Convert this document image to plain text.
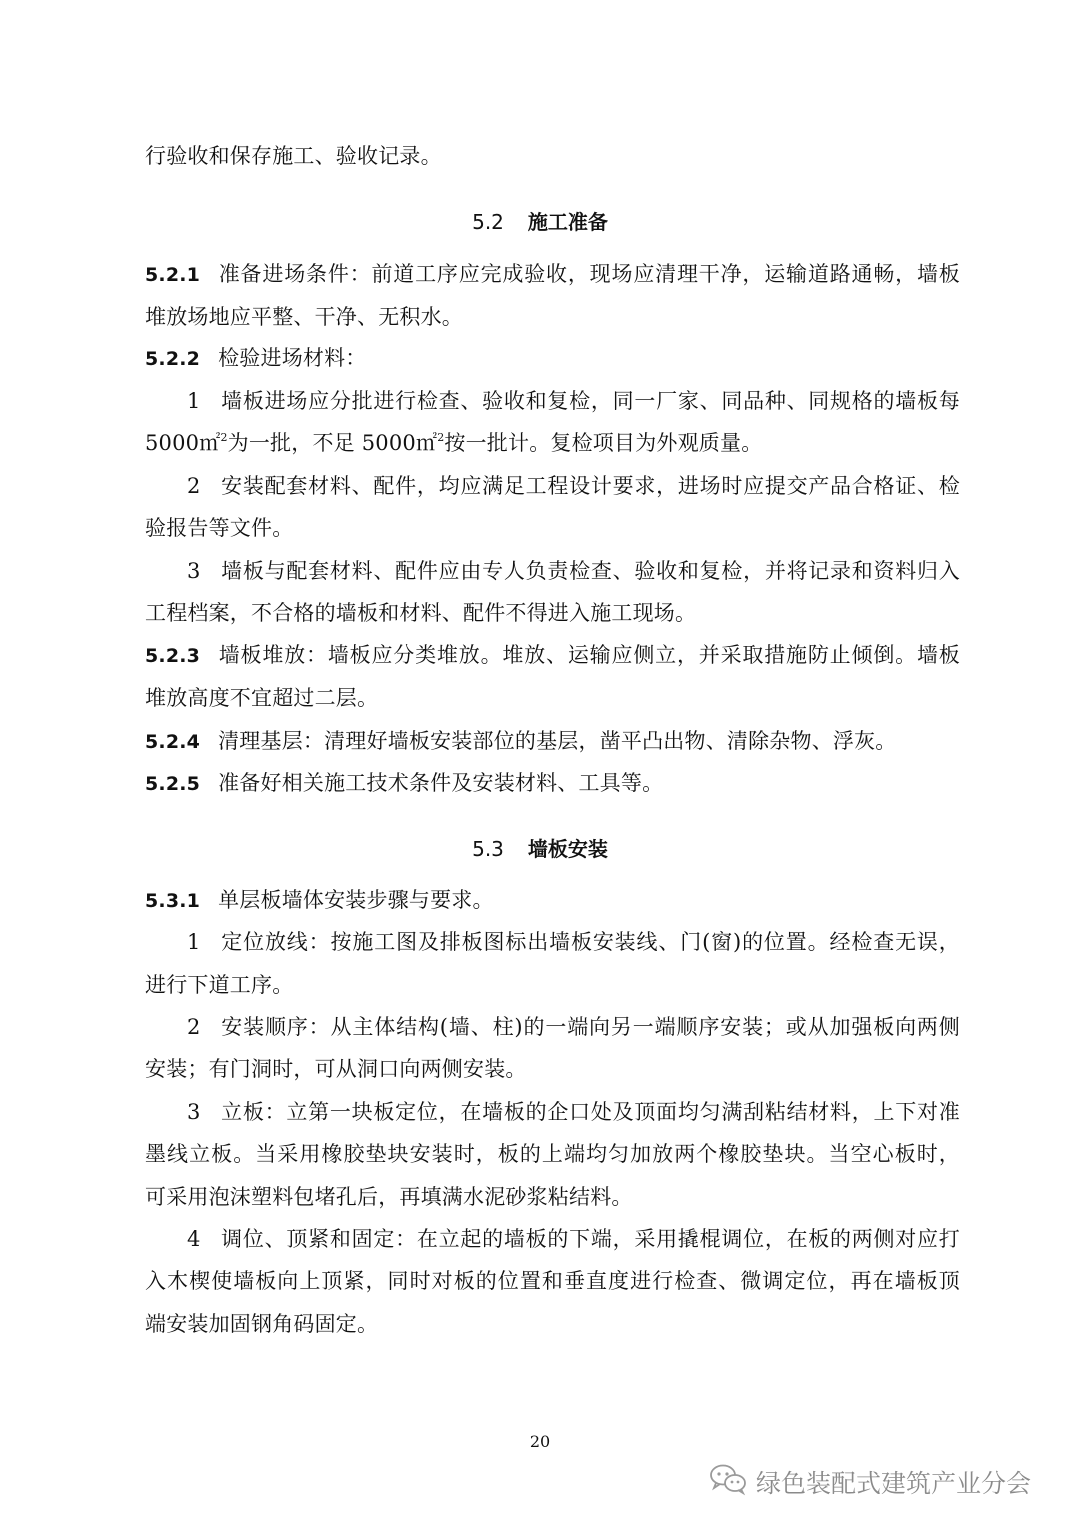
行验收和保存施工、验收记录。
5.2 施工准备
5.2.1 准备进场条件：前道工序应完成验收，现场应清理干净，运输道路通畅，墙板
堆放场地应平整、干净、无积水。
5.2.2 检验进场材料：
1 墙板进场应分批进行检查、验收和复检，同一厂家、同品种、同规格的墙板每
5000㎡$^2$为一批，不足 5000㎡$^2$按一批计。复检项目为外观质量。
2 安装配套材料、配件，均应满足工程设计要求，进场时应提交产品合格证、检
验报告等文件。
3 墙板与配套材料、配件应由专人负责检查、验收和复检，并将记录和资料归入
工程档案，不合格的墙板和材料、配件不得进入施工现场。
5.2.3 墙板堆放：墙板应分类堆放。堆放、运输应侧立，并采取措施防止倾倒。墙板
堆放高度不宜超过二层。
5.2.4 清理基层：清理好墙板安装部位的基层，凿平凸出物、清除杂物、浮灰。
5.2.5 准备好相关施工技术条件及安装材料、工具等。
5.3 墙板安装
5.3.1 单层板墙体安装步骤与要求。
1 定位放线：按施工图及排板图标出墙板安装线、门(窗)的位置。经检查无误，
进行下道工序。
2 安装顺序：从主体结构(墙、柱)的一端向另一端顺序安装；或从加强板向两侧
安装；有门洞时，可从洞口向两侧安装。
3 立板：立第一块板定位，在墙板的企口处及顶面均匀满刮粘结材料，上下对准
墨线立板。当采用橡胶垫块安装时，板的上端均匀加放两个橡胶垫块。当空心板时，
可采用泡沫塑料包堵孔后，再填满水泥砂浆粘结料。
4 调位、顶紧和固定：在立起的墙板的下端，采用撬棍调位，在板的两侧对应打
入木楔使墙板向上顶紧，同时对板的位置和垂直度进行检查、微调定位，再在墙板顶
端安装加固钢角码固定。
20
绿色装配式建筑产业分会
